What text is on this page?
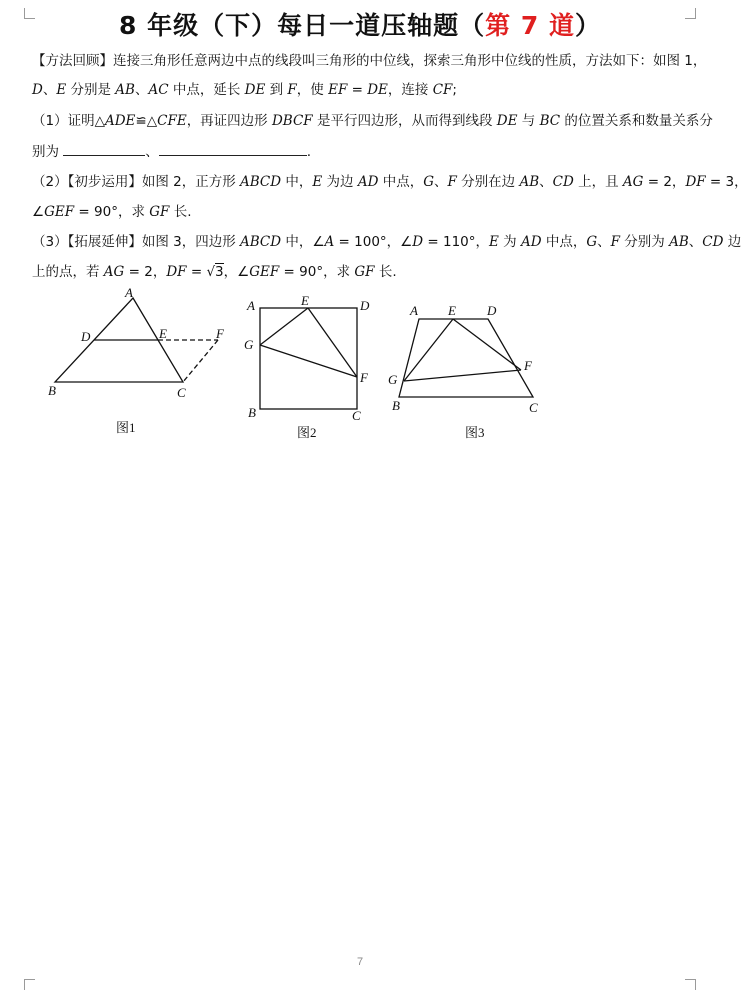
8 年级（下）每日一道压轴题（第 7 道）
【方法回顾】连接三角形任意两边中点的线段叫三角形的中位线，探索三角形中位线的性质，方法如下：如图 1，
D、E 分别是 AB、AC 中点，延长 DE 到 F，使 EF = DE，连接 CF;
（1）证明△ADE≌△CFE，再证四边形 DBCF 是平行四边形，从而得到线段 DE 与 BC 的位置关系和数量关系分
别为	、	.
（2）【初步运用】如图 2，正方形 ABCD 中，E 为边 AD 中点，G、F 分别在边 AB、CD 上，且 AG = 2，DF = 3，
∠GEF = 90°，求 GF 长.
（3）【拓展延伸】如图 3，四边形 ABCD 中，∠A = 100°，∠D = 110°，E 为 AD 中点，G、F 分别为 AB、CD 边
上的点，若 AG = 2，DF = √3，∠GEF = 90°，求 GF 长.
A
D	E	F
B	C
图1
A	E	D
G
F
B	C
图2
A E D
F
G
B	C
图3
7
